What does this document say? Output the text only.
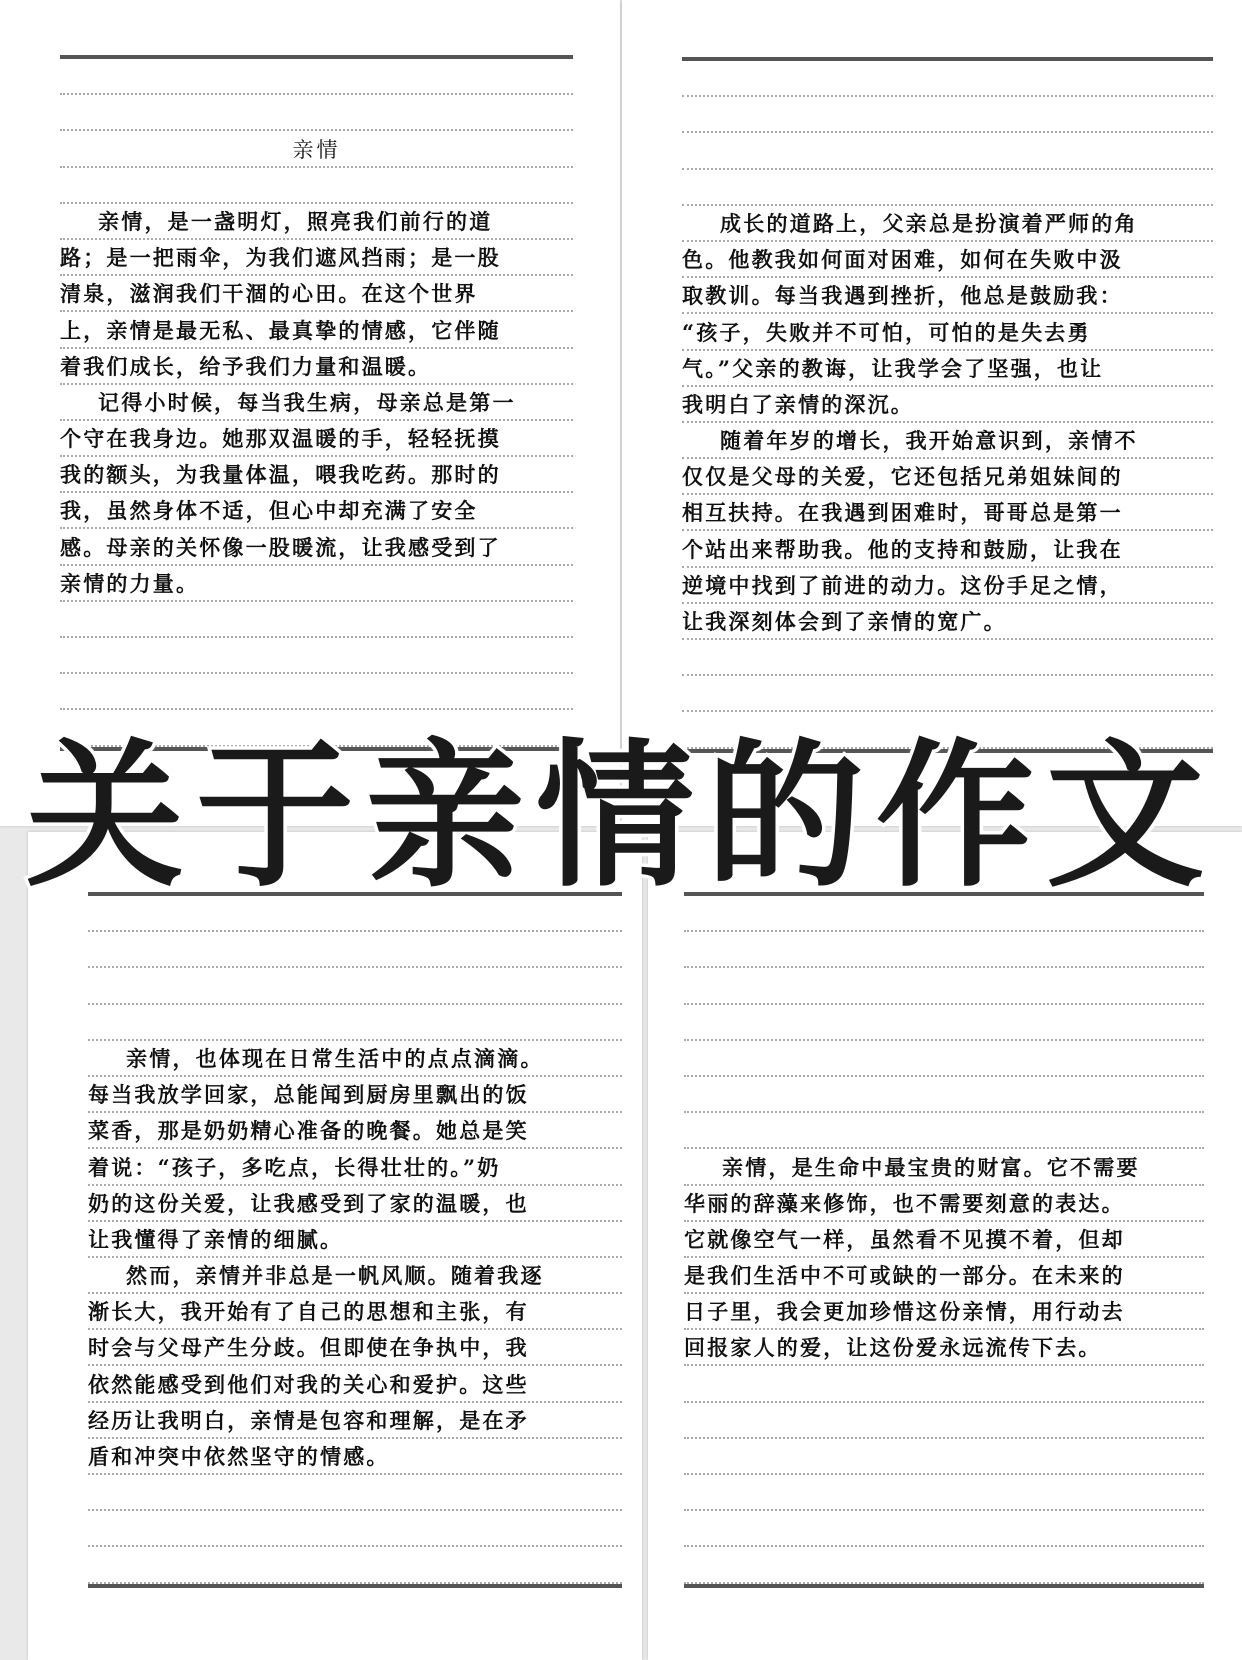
亲情
亲情，是一盏明灯，照亮我们前行的道
路；是一把雨伞，为我们遮风挡雨；是一股
清泉，滋润我们干涸的心田。在这个世界
上，亲情是最无私、最真挚的情感，它伴随
着我们成长，给予我们力量和温暖。
记得小时候，每当我生病，母亲总是第一
个守在我身边。她那双温暖的手，轻轻抚摸
我的额头，为我量体温，喂我吃药。那时的
我，虽然身体不适，但心中却充满了安全
感。母亲的关怀像一股暖流，让我感受到了
亲情的力量。
成长的道路上，父亲总是扮演着严师的角
色。他教我如何面对困难，如何在失败中汲
取教训。每当我遇到挫折，他总是鼓励我：
“孩子，失败并不可怕，可怕的是失去勇
气。”父亲的教诲，让我学会了坚强，也让
我明白了亲情的深沉。
随着年岁的增长，我开始意识到，亲情不
仅仅是父母的关爱，它还包括兄弟姐妹间的
相互扶持。在我遇到困难时，哥哥总是第一
个站出来帮助我。他的支持和鼓励，让我在
逆境中找到了前进的动力。这份手足之情，
让我深刻体会到了亲情的宽广。
亲情，也体现在日常生活中的点点滴滴。
每当我放学回家，总能闻到厨房里飘出的饭
菜香，那是奶奶精心准备的晚餐。她总是笑
着说：“孩子，多吃点，长得壮壮的。”奶
奶的这份关爱，让我感受到了家的温暖，也
让我懂得了亲情的细腻。
然而，亲情并非总是一帆风顺。随着我逐
渐长大，我开始有了自己的思想和主张，有
时会与父母产生分歧。但即使在争执中，我
依然能感受到他们对我的关心和爱护。这些
经历让我明白，亲情是包容和理解，是在矛
盾和冲突中依然坚守的情感。
亲情，是生命中最宝贵的财富。它不需要
华丽的辞藻来修饰，也不需要刻意的表达。
它就像空气一样，虽然看不见摸不着，但却
是我们生活中不可或缺的一部分。在未来的
日子里，我会更加珍惜这份亲情，用行动去
回报家人的爱，让这份爱永远流传下去。
关于亲情的作文
